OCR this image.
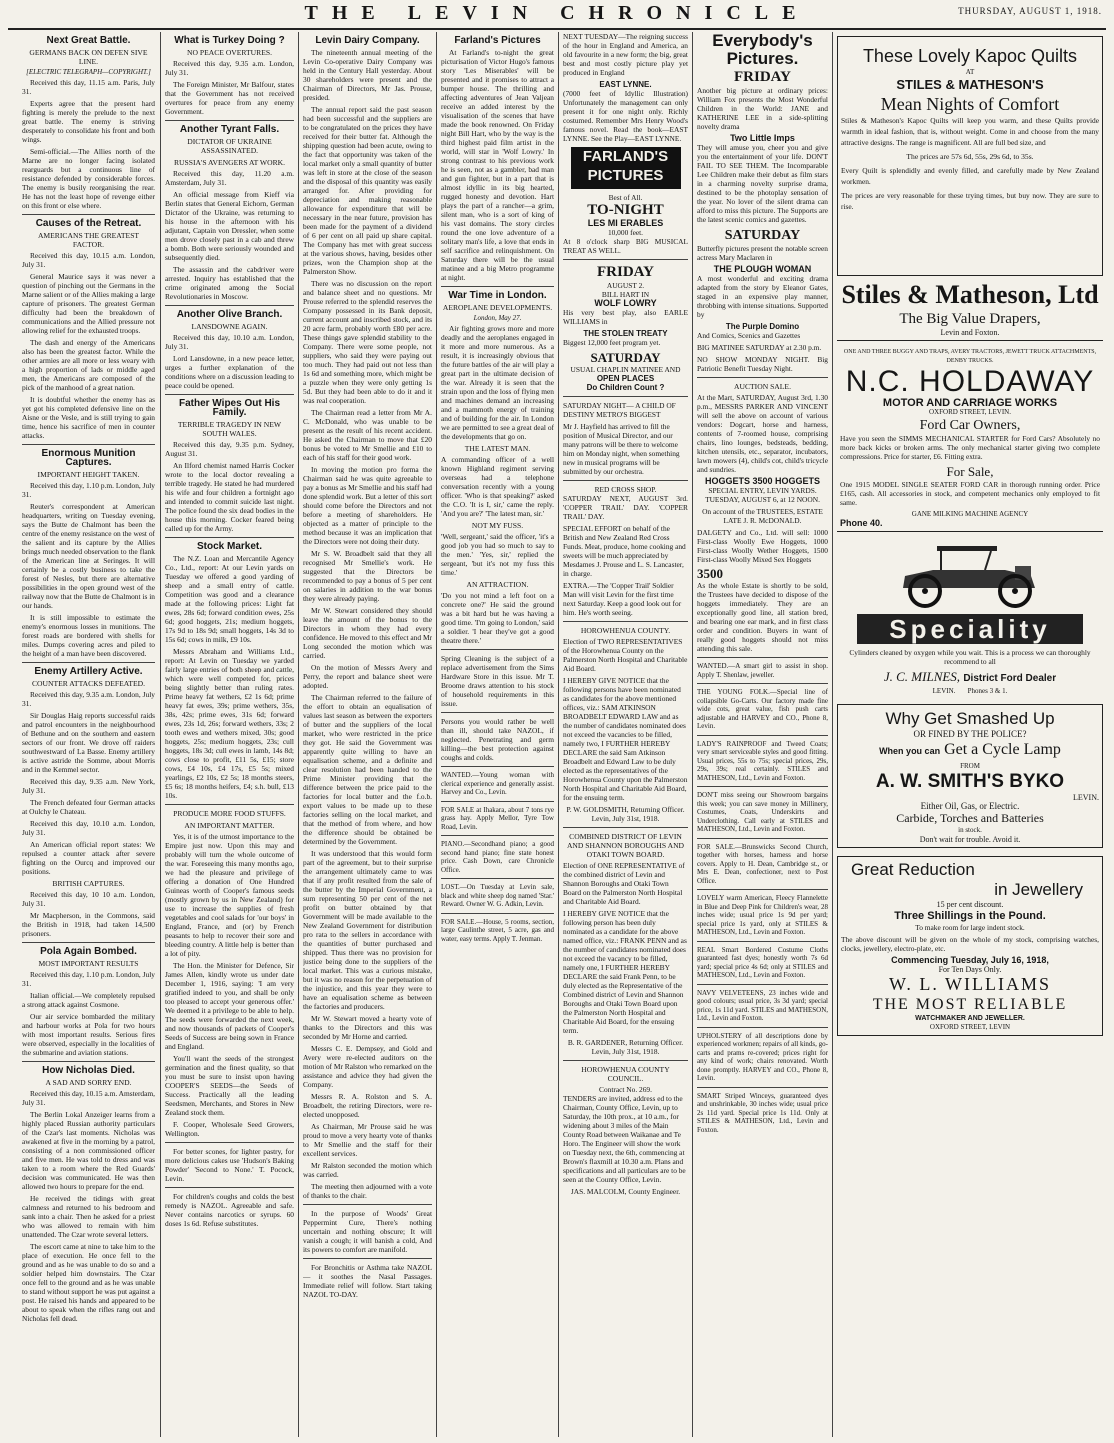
THE LEVIN CHRONICLE	THURSDAY, AUGUST 1, 1918.
Next Great Battle.
GERMANS BACK ON DEFEN SIVE LINE.
[ELECTRIC TELEGRAPH—COPYRIGHT.]

Received this day, 11.15 a.m. Paris, July 31.

Experts agree that the present hard fighting is merely the prelude to the next great battle. The enemy is striving desperately to consolidate his front and both wings.

Semi-official.—The Allies north of the Marne are no longer facing isolated rearguards but a continuous line of resistance defended by considerable forces. The enemy is busily reorganising the rear. He has not the least hope of revenge either on this front or else where.

Causes of the Retreat.
AMERICANS THE GREATEST FACTOR.

Received this day, 10.15 a.m. London, July 31.

General Maurice says it was never a question of pinching out the Germans in the Marne salient or of the Allies making a large capture of prisoners. The greatest German difficulty had been the breakdown of communications and the Allied pressure not allowing relief for the exhausted troops.

The dash and energy of the Americans also has been the greatest factor. While the other armies are all more or less weary with a high proportion of lads or middle aged men, the Americans are composed of the pick of the manhood of a great nation.

It is doubtful whether the enemy has as yet got his completed defensive line on the Aisne or the Vesle, and is still trying to gain time, hence his sacrifice of men in counter attacks.

Enormous Munition Captures.
IMPORTANT HEIGHT TAKEN.

Received this day, 1.10 p.m. London, July 31.

Reuter's correspondent at American headquarters, writing on Tuesday evening, says the Butte de Chalmont has been the centre of the enemy resistance on the west of the salient and its capture by the Allies brings much needed observation to the flank of the American line at Seringes. It will certainly be a costly business to take the forest of Nesles, but there are alternative possibilities in the open ground west of the railway now that the Butte de Chalmont is in our hands.

It is still impossible to estimate the enemy's enormous losses in munitions. The forest roads are bordered with shells for miles. Dumps covering acres and piled to the height of a man have been discovered.

Enemy Artillery Active.
COUNTER ATTACKS DEFEATED.

Received this day, 9.35 a.m. London, July 31.

Sir Douglas Haig reports successful raids and patrol encounters in the neighbourhood of Bethune and on the southern and eastern sectors of our front. We drove off raiders southwestward of La Basse. Enemy artillery is active astride the Somme, about Morris and in the Kemmel sector.

Received this day, 9.35 a.m. New York, July 31.

The French defeated four German attacks at Oulchy le Chateau.

Received this day, 10.10 a.m. London, July 31.

An American official report states: We repulsed a counter attack after severe fighting on the Ourcq and improved our positions.

BRITISH CAPTURES.

Received this day, 10 10 a.m. London, July 31.

Mr Macpherson, in the Commons, said the British in 1918, had taken 14,500 prisoners.

Pola Again Bombed.
MOST IMPORTANT RESULTS

Received this day, 1.10 p.m. London, July 31.

Italian official.—We completely repulsed a strong attack against Cosmone.

Our air service bombarded the military and harbour works at Pola for two hours with most important results. Serious fires were observed, especially in the localities of the submarine and aviation stations.

How Nicholas Died.
A SAD AND SORRY END.

Received this day, 10.15 a.m. Amsterdam, July 31.

The Berlin Lokal Anzeiger learns from a highly placed Russian authority particulars of the Czar's last moments. Nicholas was awakened at five in the morning by a patrol, consisting of a non commissioned officer and five men. He was told to dress and was taken to a room where the Red Guards' decision was communicated. He was then allowed two hours to prepare for the end.

He received the tidings with great calmness and returned to his bedroom and sank into a chair. Then he asked for a priest who was allowed to remain with him unattended. The Czar wrote several letters.

The escort came at nine to take him to the place of execution. He once fell to the ground and as he was unable to do so and a soldier helped him downstairs. The Czar once fell to the ground and as he was unable to stand without support he was put against a post. He raised his hands and appeared to be about to speak when the rifles rang out and Nicholas fell dead.

What is Turkey Doing ?
NO PEACE OVERTURES.

Received this day, 9.35 a.m. London, July 31.

The Foreign Minister, Mr Balfour, states that the Government has not received overtures for peace from any enemy Government.

Another Tyrant Falls.
DICTATOR OF UKRAINE ASSASSINATED.
RUSSIA'S AVENGERS AT WORK.

Received this day, 11.20 a.m. Amsterdam, July 31.

An official message from Kieff via Berlin states that General Eichorn, German Dictator of the Ukraine, was returning to his house in the afternoon with his adjutant, Captain von Dressler, when some men drove closely past in a cab and threw a bomb. Both were seriously wounded and subsequently died.

The assassin and the cabdriver were arrested. Inquiry has established that the crime originated among the Social Revolutionaries in Moscow.

Another Olive Branch.
LANSDOWNE AGAIN.

Received this day, 10.10 a.m. London, July 31.

Lord Lansdowne, in a new peace letter, urges a further explanation of the conditions where on a discussion leading to peace could be opened.

Father Wipes Out His Family.
TERRIBLE TRAGEDY IN NEW SOUTH WALES.

Received this day, 9.35 p.m. Sydney, August 31.

An Ilford chemist named Harris Cocker wrote to the local doctor revealing a terrible tragedy. He stated he had murdered his wife and four children a fortnight ago and intended to commit suicide last night. The police found the six dead bodies in the house this morning. Cocker feared being called up for the Army.

Stock Market.

The N.Z. Loan and Mercantile Agency Co., Ltd., report: At our Levin yards on Tuesday we offered a good yarding of sheep and a small entry of cattle. Competition was good and a clearance made at the following prices: Light fat ewes, 28s 6d; forward condition ewes, 25s 6d; good hoggets, 21s; medium hoggets, 17s 9d to 18s 9d; small hoggets, 14s 3d to 15s 6d; cows in milk, £9 10s.

Messrs Abraham and Williams Ltd., report: At Levin on Tuesday we yarded fairly large entries of both sheep and cattle, which were well competed for, prices being slightly better than ruling rates. Prime heavy fat wethers, £2 1s 6d; prime heavy fat ewes, 39s; prime wethers, 35s, 38s, 42s; prime ewes, 31s 6d; forward ewes, 23s 1d, 26s; forward wethers, 33s; 2 tooth ewes and wethers mixed, 30s; good hoggets, 25s; medium hoggets, 23s; cull hoggets, 18s 3d; cull ewes in lamb, 14s 8d; cows close to profit, £11 5s, £15; store cows, £4 10s, £4 17s, £5 5s; mixed yearlings, £2 10s, £2 5s; 18 months steers, £5 6s; 18 months heifers, £4; s.h. bull, £13 10s.

PRODUCE MORE FOOD STUFFS.
AN IMPORTANT MATTER.

Yes, it is of the utmost importance to the Empire just now. Upon this may and probably will turn the whole outcome of the war. Foreseeing this many months ago, we had the pleasure and privilege of offering a donation of One Hundred Guineas worth of Cooper's famous seeds (mostly grown by us in New Zealand) for use to increase the supplies of fresh vegetables and cool salads for 'our boys' in England, France, and (or) by French peasants to help to recover their sore and bleeding country. A little help is better than a lot of pity.

The Hon. the Minister for Defence, Sir James Allen, kindly wrote us under date December 1, 1916, saying: 'I am very gratified indeed to you, and shall be only too pleased to accept your generous offer.' We deemed it a privilege to be able to help. The seeds were forwarded the next week, and now thousands of packets of Cooper's Seeds of Success are being sown in France and England.

You'll want the seeds of the strongest germination and the finest quality, so that you must be sure to insist upon having COOPER'S SEEDS—the Seeds of Success. Practically all the leading Seedsmen, Merchants, and Stores in New Zealand stock them.

F. Cooper, Wholesale Seed Growers, Wellington.

For better scones, for lighter pastry, for more delicious cakes use 'Hudson's Baking Powder' 'Second to None.' T. Pocock, Levin.

For children's coughs and colds the best remedy is NAZOL. Agreeable and safe. Never contains narcotics or syrups. 60 doses 1s 6d. Refuse substitutes.

Levin Dairy Company.

The nineteenth annual meeting of the Levin Co-operative Dairy Company was held in the Century Hall yesterday. About 30 shareholders were present and the Chairman of Directors, Mr Jas. Prouse, presided.

The annual report said the past season had been successful and the suppliers are to be congratulated on the prices they have received for their butter fat. Although the shipping question had been acute, owing to the fact that opportunity was taken of the local market only a small quantity of butter was left in store at the close of the season and the disposal of this quantity was easily arranged for. After providing for depreciation and making reasonable allowance for expenditure that will be necessary in the near future, provision has been made for the payment of a dividend of 6 per cent on all paid up share capital. The Company has met with great success at the various shows, having, besides other prizes, won the Champion shop at the Palmerston Show.

There was no discussion on the report and balance sheet and no questions. Mr Prouse referred to the splendid reserves the Company possessed in its Bank deposit, current account and inscribed stock, and its 20 acre farm, probably worth £80 per acre. These things gave splendid stability to the Company. There were some people, not suppliers, who said they were paying out too much. They had paid out not less than 1s 6d and something more, which might be a puzzle when they were only getting 1s 5d. But they had been able to do it and it was real cooperation.

The Chairman read a letter from Mr A. C. McDonald, who was unable to be present as the result of his recent accident. He asked the Chairman to move that £20 bonus be voted to Mr Smellie and £10 to each of his staff for their good work.

In moving the motion pro forma the Chairman said he was quite agreeable to pay a bonus as Mr Smellie and his staff had done splendid work. But a letter of this sort should come before the Directors and not before a meeting of shareholders. He objected as a matter of principle to the method because it was an implication that the Directors were not doing their duty.

Mr S. W. Broadbelt said that they all recognised Mr Smellie's work. He suggested that the Directors be recommended to pay a bonus of 5 per cent on salaries in addition to the war bonus they were already paying.

Mr W. Stewart considered they should leave the amount of the bonus to the Directors in whom they had every confidence. He moved to this effect and Mr Long seconded the motion which was carried.

On the motion of Messrs Avery and Perry, the report and balance sheet were adopted.

The Chairman referred to the failure of the effort to obtain an equalisation of values last season as between the exporters of butter and the suppliers of the local market, who were restricted in the price they got. He said the Government was apparently quite willing to have an equalisation scheme, and a definite and clear resolution had been handed to the Prime Minister providing that the difference between the price paid to the factories for local butter and the f.o.b. export values to be made up to these factories selling on the local market, and that the method of from where, and how the difference should be obtained be determined by the Government.

It was understood that this would form part of the agreement, but to their surprise the arrangement ultimately came to was that if any profit resulted from the sale of the butter by the Imperial Government, a sum representing 50 per cent of the net profit on butter obtained by that Government will be made available to the New Zealand Government for distribution pro rata to the sellers in accordance with the quantities of butter purchased and shipped. Thus there was no provision for justice being done to the suppliers of the local market. This was a curious mistake, but it was no reason for the perpetuation of the injustice, and this year they were to have an equalisation scheme as between the factories and producers.

Mr W. Stewart moved a hearty vote of thanks to the Directors and this was seconded by Mr Horne and carried.

Messrs C. E. Dempsey, and Gold and Avery were re-elected auditors on the motion of Mr Ralston who remarked on the assistance and advice they had given the Company.

Messrs R. A. Rolston and S. A. Broadbelt, the retiring Directors, were re-elected unopposed.

As Chairman, Mr Prouse said he was proud to move a very hearty vote of thanks to Mr Smellie and the staff for their excellent services.

Mr Ralston seconded the motion which was carried.

The meeting then adjourned with a vote of thanks to the chair.

In the purpose of Woods' Great Peppermint Cure, There's nothing uncertain and nothing obscure; It will vanish a cough; it will banish a cold, And its powers to comfort are manifold.

For Bronchitis or Asthma take NAZOL — it soothes the Nasal Passages. Immediate relief will follow. Start taking NAZOL TO-DAY.

Farland's Pictures

At Farland's to-night the great picturisation of Victor Hugo's famous story 'Les Miserables' will be presented and it promises to attract a bumper house. The thrilling and affecting adventures of Jean Valjean receive an added interest by the visualisation of the scenes that have made the book renowned. On Friday night Bill Hart, who by the way is the third highest paid film artist in the world, will star in 'Wolf Lowry.' In strong contrast to his previous work he is seen, not as a gambler, bad man and gun fighter, but in a part that is almost idyllic in its big hearted, rugged honesty and devotion. Hart plays the part of a rancher—a grim, silent man, who is a sort of king of his vast domains. The story circles round the one love adventure of a solitary man's life, a love that ends in self sacrifice and relinquishment. On Saturday there will be the usual matinee and a big Metro programme at night.

War Time in London.
AEROPLANE DEVELOPMENTS.
London, May 27.

Air fighting grows more and more deadly and the aeroplanes engaged in it more and more numerous. As a result, it is increasingly obvious that the future battles of the air will play a great part in the ultimate decision of the war. Already it is seen that the strain upon and the loss of flying men and machines demand an increasing and a mammoth energy of training and of building for the air. In London we are permitted to see a great deal of the developments that go on.

THE LATEST MAN.

A commanding officer of a well known Highland regiment serving overseas had a telephone conversation recently with a young officer. 'Who is that speaking?' asked the C.O. 'It is I, sir,' came the reply. 'And you are?' 'The latest man, sir.'

NOT MY FUSS.

'Well, sergeant,' said the officer, 'it's a good job you had so much to say to the men.' 'Yes, sir,' replied the sergeant, 'but it's not my fuss this time.'

AN ATTRACTION.

'Do you not mind a left foot on a concrete one?' He said the ground was a bit hard but he was having a good time. 'I'm going to London,' said a soldier. 'I hear they've got a good theatre there.'

Spring Cleaning is the subject of a replace advertisement from the Sims Hardware Store in this issue. Mr T. Broome draws attention to his stock of household requirements in this issue.

Persons you would rather be well than ill, should take NAZOL, if neglected. Penetrating and germ killing—the best protection against coughs and colds.

WANTED.—Young woman with clerical experience and generally assist. Harvey and Co., Levin.

FOR SALE at Ihakara, about 7 tons rye grass hay. Apply Mellor, Tyre Tow Road, Levin.

PIANO.—Secondhand piano; a good second hand piano; fine state honest price. Cash Down, care Chronicle Office.

LOST.—On Tuesday at Levin sale, black and white sheep dog named 'Star.' Reward. Owner W. G. Adkin, Levin.

FOR SALE.—House, 5 rooms, section, large Caulinthe street, 5 acre, gas and water, easy terms. Apply T. Jenman.

NEXT TUESDAY—The reigning success of the hour in England and America, an old favourite in a new form; the big, great best and most costly picture play yet produced in England

EAST LYNNE.

(7000 feet of Idyllic Illustration) Unfortunately the management can only present it for one night only. Richly costumed. Remember Mrs Henry Wood's famous novel. Read the book—EAST LYNNE. See the Play—EAST LYNNE.

FARLAND'S PICTURES
Best of All.
TO-NIGHT
LES MI ERABLES
10,000 feet.

At 8 o'clock sharp BIG MUSICAL TREAT AS WELL.

FRIDAY
AUGUST 2.
BILL HART IN
WOLF LOWRY

His very best play, also EARLE WILLIAMS in

THE STOLEN TREATY

Biggest 12,000 feet program yet.

SATURDAY
USUAL CHAPLIN MATINEE AND
OPEN PLACES
Do Children Count ?

SATURDAY NIGHT— A CHILD OF DESTINY METRO'S BIGGEST

Mr J. Hayfield has arrived to fill the position of Musical Director, and our many patrons will be there to welcome him on Monday night, when something new in musical programs will be submitted by our orchestra.

RED CROSS SHOP.

SATURDAY NEXT, AUGUST 3rd. 'COPPER TRAIL' DAY. 'COPPER TRAIL' DAY.

SPECIAL EFFORT on behalf of the British and New Zealand Red Cross Funds. Meat, produce, home cooking and sweets will be much appreciated by Mesdames J. Prouse and L. S. Lancaster, in charge.

EXTRA.—The 'Copper Trail' Soldier Man will visit Levin for the first time next Saturday. Keep a good look out for him. He's worth seeing.

HOROWHENUA COUNTY.

Election of TWO REPRESENTATIVES of the Horowhenua County on the Palmerston North Hospital and Charitable Aid Board.

I HEREBY GIVE NOTICE that the following persons have been nominated as candidates for the above mentioned offices, viz.: SAM ATKINSON BROADBELT EDWARD LAW and as the number of candidates nominated does not exceed the vacancies to be filled, namely two, I FURTHER HEREBY DECLARE the said Sam Atkinson Broadbelt and Edward Law to be duly elected as the representatives of the Horowhenua County upon the Palmerston North Hospital and Charitable Aid Board, for the ensuing term.

P. W. GOLDSMITH, Returning Officer. Levin, July 31st, 1918.
COMBINED DISTRICT OF LEVIN AND SHANNON BOROUGHS AND OTAKI TOWN BOARD.

Election of ONE REPRESENTATIVE of the combined district of Levin and Shannon Boroughs and Otaki Town Board on the Palmerston North Hospital and Charitable Aid Board.

I HEREBY GIVE NOTICE that the following person has been duly nominated as a candidate for the above named office, viz.: FRANK PENN and as the number of candidates nominated does not exceed the vacancy to be filled, namely one, I FURTHER HEREBY DECLARE the said Frank Penn, to be duly elected as the Representative of the Combined district of Levin and Shannon Boroughs and Otaki Town Board upon the Palmerston North Hospital and Charitable Aid Board, for the ensuing term.

B. R. GARDENER, Returning Officer. Levin, July 31st, 1918.
HOROWHENUA COUNTY COUNCIL.
Contract No. 269.

TENDERS are invited, address ed to the Chairman, County Office, Levin, up to Saturday, the 10th prox., at 10 a.m., for widening about 3 miles of the Main County Road between Waikanae and Te Horo. The Engineer will show the work on Tuesday next, the 6th, commencing at Brown's flaxmill at 10.30 a.m. Plans and specifications and all particulars are to be seen at the County Office, Levin.

JAS. MALCOLM, County Engineer.
Everybody's Pictures.
FRIDAY

Another big picture at ordinary prices: William Fox presents the Most Wonderful Children in the World: JANE and KATHERINE LEE in a side-splitting novelty drama

Two Little Imps

They will amuse you, cheer you and give you the entertainment of your life. DON'T FAIL TO SEE THEM. The Incomparable Lee Children make their debut as film stars in a charming novelty surprise drama, destined to be the photoplay sensation of the year. No lover of the silent drama can afford to miss this picture. The Supports are the latest scenic comics and gazettes.

SATURDAY

Butterfly pictures present the notable screen actress Mary Maclaren in

THE PLOUGH WOMAN

A most wonderful and exciting drama adapted from the story by Eleanor Gates, staged in an expensive play manner, throbbing with intense situations. Supported by

The Purple Domino

And Comics, Scenics and Gazettes

BIG MATINEE SATURDAY at 2.30 p.m.

NO SHOW MONDAY NIGHT. Big Patriotic Benefit Tuesday Night.

AUCTION SALE.

At the Mart, SATURDAY, August 3rd, 1.30 p.m., MESSRS PARKER AND VINCENT will sell the above on account of various vendors: Dogcart, horse and harness, contents of 7-roomed house, comprising chairs, lino lounges, bedsteads, bedding, kitchen utensils, etc., separator, incubators, lawn mowers (4), child's cot, child's tricycle and sundries.

HOGGETS 3500 HOGGETS

SPECIAL ENTRY, LEVIN YARDS. TUESDAY, AUGUST 6, at 12 NOON.

On account of the TRUSTEES, ESTATE LATE J. R. McDONALD.

DALGETY and Co., Ltd. will sell: 1000 First-class Woolly Ewe Hoggets, 1000 First-class Woolly Wether Hoggets, 1500 First-class Woolly Mixed Sex Hoggets

3500

As the whole Estate is shortly to be sold, the Trustees have decided to dispose of the hoggets immediately. They are an exceptionally good line, all station bred, and bearing one ear mark, and in first class order and condition. Buyers in want of really good hoggets should not miss attending this sale.

WANTED.—A smart girl to assist in shop. Apply T. Shenlaw, jeweller.

THE YOUNG FOLK.—Special line of collapsible Go-Carts. Our factory made fine wide cots, great value, fish push carts adjustable and HARVEY and CO., Phone 8, Levin.

LADY'S RAINPROOF and Tweed Coats; very smart serviceable styles and good fitting. Usual prices, 55s to 75s; special prices, 29s, 29s, 39s; real certainly. STILES and MATHESON, Ltd., Levin and Foxton.

DON'T miss seeing our Showroom bargains this week; you can save money in Millinery, Costumes, Coats, Underskirts and Underclothing. Call early at STILES and MATHESON, Ltd., Levin and Foxton.

FOR SALE.—Brunswicks Second Church, together with horses, harness and horse covers. Apply to H. Dean, Cambridge st., or Mrs E. Dean, confectioner, next to Post Office.

LOVELY warm American, Fleecy Flannelette in Blue and Deep Pink for Children's wear, 28 inches wide; usual price 1s 9d per yard; special price 1s yard, only at STILES & MATHESON, Ltd., Levin and Foxton.

REAL Smart Bordered Costume Cloths guaranteed fast dyes; honestly worth 7s 6d yard; special price 4s 6d; only at STILES and MATHESON, Ltd., Levin and Foxton.

NAVY VELVETEENS, 23 inches wide and good colours; usual price, 3s 3d yard; special price, 1s 11d yard. STILES and MATHESON, Ltd., Levin and Foxton.

UPHOLSTERY of all descriptions done by experienced workmen; repairs of all kinds, go-carts and prams re-covered; prices right for any kind of work; chairs renovated. Worth done promptly. HARVEY and CO., Phone 8, Levin.

SMART Striped Winceys, guaranteed dyes and unshrinkable, 30 inches wide; usual price 2s 11d yard. Special price 1s 11d. Only at STILES & MATHESON, Ltd., Levin and Foxton.

These Lovely Kapoc Quilts
AT
STILES & MATHESON'S
Mean Nights of Comfort

Stiles & Matheson's Kapoc Quilts will keep you warm, and these Quilts provide warmth in ideal fashion, that is, without weight. Come in and choose from the many attractive designs. The range is magnificent. All are full bed size, and

The prices are 57s 6d, 55s, 29s 6d, to 35s.

Every Quilt is splendidly and evenly filled, and carefully made by New Zealand workmen.

The prices are very reasonable for these trying times, but buy now. They are sure to rise.

Stiles & Matheson, Ltd
The Big Value Drapers,
Levin and Foxton.
ONE AND THREE BUGGY AND TRAPS, AVERY TRACTORS, JEWETT TRUCK ATTACHMENTS, DENBY TRUCKS.
N.C. HOLDAWAY
MOTOR AND CARRIAGE WORKS
OXFORD STREET, LEVIN.
Ford Car Owners,

Have you seen the SIMMS MECHANICAL STARTER for Ford Cars? Absolutely no more back kicks or broken arms. The only mechanical starter giving two complete compressions. Price for starter, £6. Fitting extra.

For Sale,

One 1915 MODEL SINGLE SEATER FORD CAR in thorough running order. Price £165, cash. All accessories in stock, and competent mechanics only employed to fit same.

GANE MILKING MACHINE AGENCY
Phone 40.
Speciality

Cylinders cleaned by oxygen while you wait. This is a process we can thoroughly recommend to all

J. C. MILNES, District Ford Dealer
LEVIN. Phones 3 & 1.
Why Get Smashed Up
OR FINED BY THE POLICE?
When you can Get a Cycle Lamp
FROM
A. W. SMITH'S BYKO
LEVIN.
Either Oil, Gas, or Electric.
Carbide, Torches and Batteries
in stock.
Don't wait for trouble. Avoid it.
Great Reduction
in Jewellery
15 per cent discount.
Three Shillings in the Pound.

To make room for large indent stock.

The above discount will be given on the whole of my stock, comprising watches, clocks, jewellery, electro-plate, etc.

Commencing Tuesday, July 16, 1918,
For Ten Days Only.
W. L. WILLIAMS
THE MOST RELIABLE
WATCHMAKER AND JEWELLER.
OXFORD STREET, LEVIN
